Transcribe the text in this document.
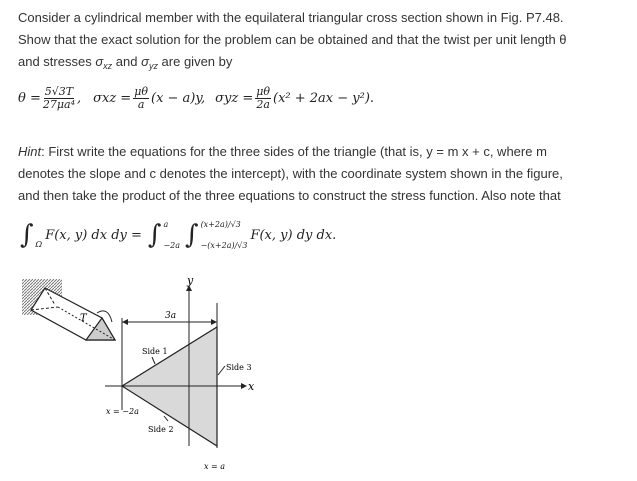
Consider a cylindrical member with the equilateral triangular cross section shown in Fig. P7.48.
Show that the exact solution for the problem can be obtained and that the twist per unit length θ
and stresses $\sigma_{xz}$ and $\sigma_{yz}$ are given by
$\theta = \frac{5√3T}{\text{27μa⁴}}$ , $\sigma xz = \frac{\mu\theta}{a} (x - a)y$, $\sigma yz = \frac{\mu\theta}{2a} (x^2 + 2ax - y^2)$.
Hint: First write the equations for the three sides of the triangle (that is, y = m x + c, where m
denotes the slope and c denotes the intercept), with the coordinate system shown in the figure,
and then take the product of the three equations to construct the stress function. Also note that
∫ Ω
F(x, y) dx dy = ∫ a
−2a ∫ (x+2a)/√3
−(x+2a)/√3
F(x, y) dy dx.
T
y
x
3a
Side 1
Side 2
Side 3
x = −2a
x = a
